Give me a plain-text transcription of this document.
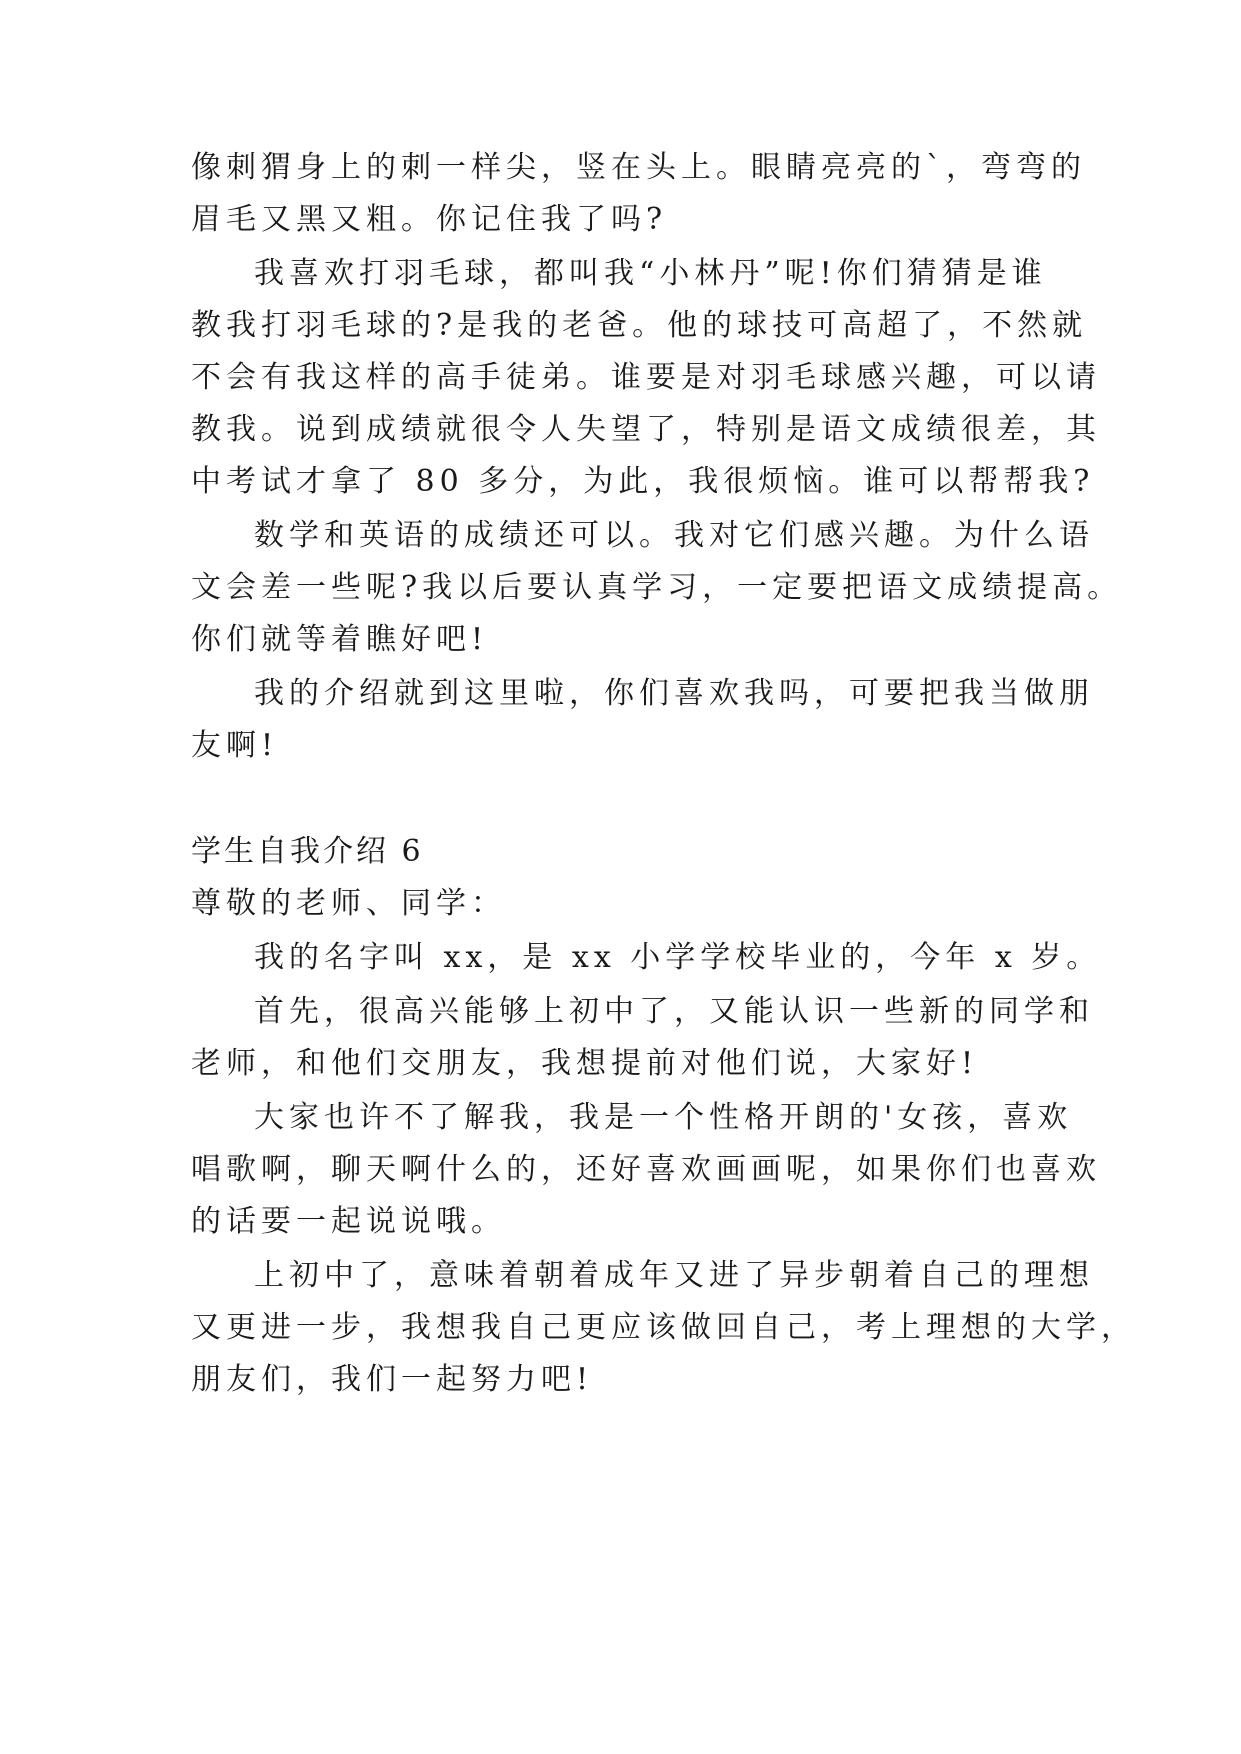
像刺猬身上的刺一样尖，竖在头上。眼睛亮亮的`，弯弯的
眉毛又黑又粗。你记住我了吗?
我喜欢打羽毛球，都叫我“小林丹”呢!你们猜猜是谁
教我打羽毛球的?是我的老爸。他的球技可高超了，不然就
不会有我这样的高手徒弟。谁要是对羽毛球感兴趣，可以请
教我。说到成绩就很令人失望了，特别是语文成绩很差，其
中考试才拿了 80 多分，为此，我很烦恼。谁可以帮帮我?
数学和英语的成绩还可以。我对它们感兴趣。为什么语
文会差一些呢?我以后要认真学习，一定要把语文成绩提高。
你们就等着瞧好吧!
我的介绍就到这里啦，你们喜欢我吗，可要把我当做朋
友啊!
学生自我介绍 6
尊敬的老师、同学：
我的名字叫 xx，是 xx 小学学校毕业的，今年 x 岁。
首先，很高兴能够上初中了，又能认识一些新的同学和
老师，和他们交朋友，我想提前对他们说，大家好!
大家也许不了解我，我是一个性格开朗的'女孩，喜欢
唱歌啊，聊天啊什么的，还好喜欢画画呢，如果你们也喜欢
的话要一起说说哦。
上初中了，意味着朝着成年又进了异步朝着自己的理想
又更进一步，我想我自己更应该做回自己，考上理想的大学，
朋友们，我们一起努力吧!
